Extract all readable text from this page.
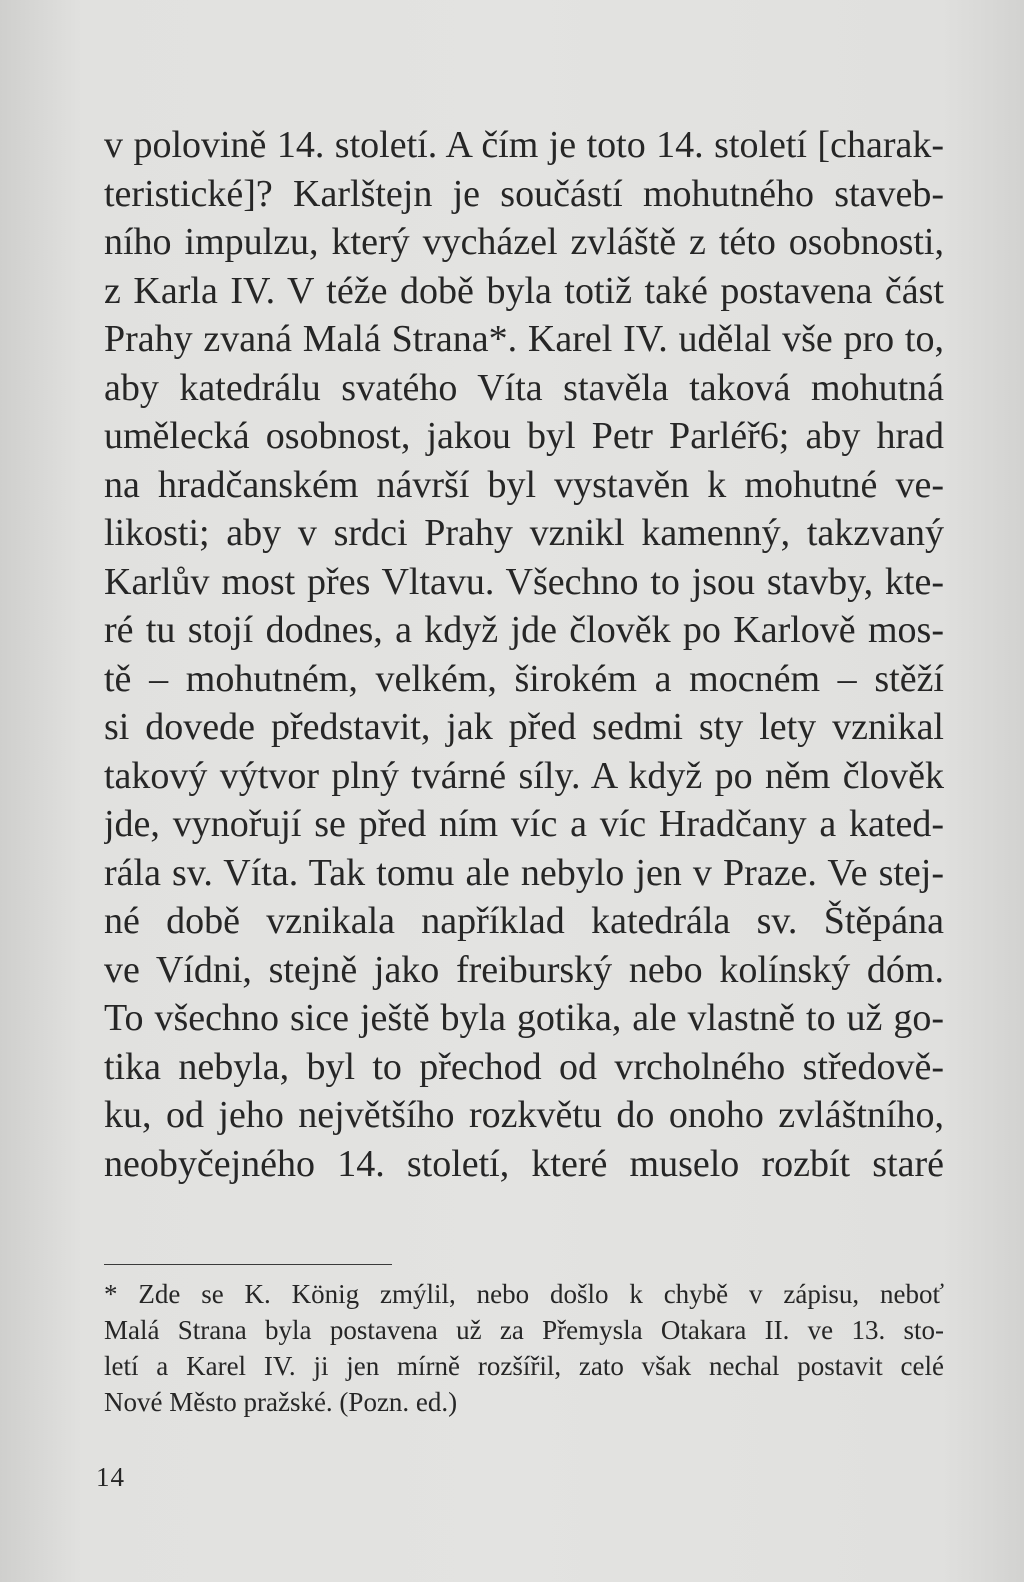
v polovině 14. století. A čím je toto 14. století [charak-
teristické]? Karlštejn je součástí mohutného staveb-
ního impulzu, který vycházel zvláště z této osobnosti,
z Karla IV. V téže době byla totiž také postavena část
Prahy zvaná Malá Strana*. Karel IV. udělal vše pro to,
aby katedrálu svatého Víta stavěla taková mohutná
umělecká osobnost, jakou byl Petr Parléř6; aby hrad
na hradčanském návrší byl vystavěn k mohutné ve-
likosti; aby v srdci Prahy vznikl kamenný, takzvaný
Karlův most přes Vltavu. Všechno to jsou stavby, kte-
ré tu stojí dodnes, a když jde člověk po Karlově mos-
tě – mohutném, velkém, širokém a mocném – stěží
si dovede představit, jak před sedmi sty lety vznikal
takový výtvor plný tvárné síly. A když po něm člověk
jde, vynořují se před ním víc a víc Hradčany a kated-
rála sv. Víta. Tak tomu ale nebylo jen v Praze. Ve stej-
né době vznikala například katedrála sv. Štěpána
ve Vídni, stejně jako freiburský nebo kolínský dóm.
To všechno sice ještě byla gotika, ale vlastně to už go-
tika nebyla, byl to přechod od vrcholného středově-
ku, od jeho největšího rozkvětu do onoho zvláštního,
neobyčejného 14. století, které muselo rozbít staré
* Zde se K. König zmýlil, nebo došlo k chybě v zápisu, neboť
Malá Strana byla postavena už za Přemysla Otakara II. ve 13. sto-
letí a Karel IV. ji jen mírně rozšířil, zato však nechal postavit celé
Nové Město pražské. (Pozn. ed.)
14
